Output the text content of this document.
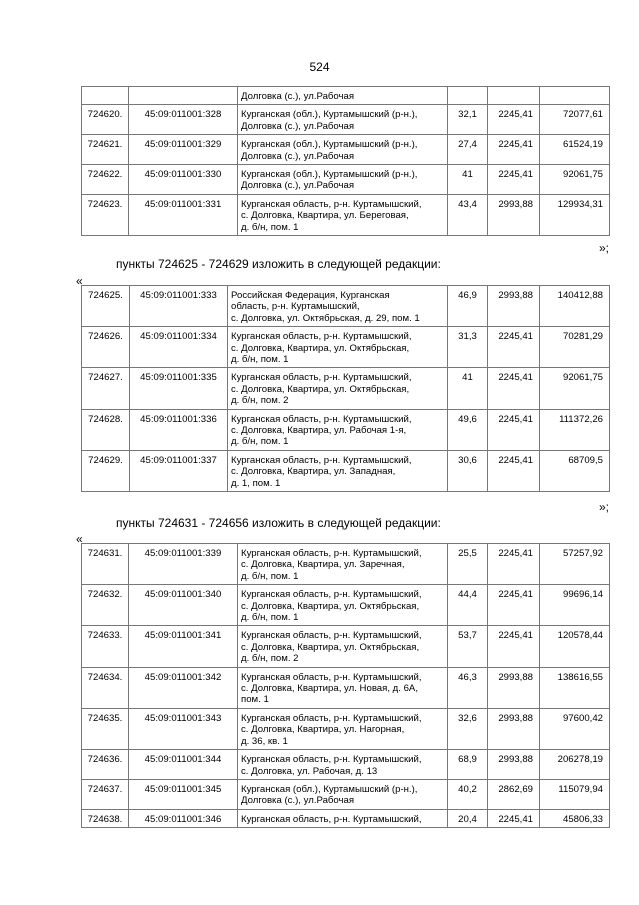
524

		Долговка (с.), ул.Рабочая			

724620.	45:09:011001:328	Курганская (обл.), Куртамышский (р-н.),
Долговка (с.), ул.Рабочая	32,1	2245,41	72077,61
724621.	45:09:011001:329	Курганская (обл.), Куртамышский (р-н.),
Долговка (с.), ул.Рабочая	27,4	2245,41	61524,19
724622.	45:09:011001:330	Курганская (обл.), Куртамышский (р-н.),
Долговка (с.), ул.Рабочая	41	2245,41	92061,75
724623.	45:09:011001:331	Курганская область, р-н. Куртамышский,
с. Долговка, Квартира, ул. Береговая,
д. б/н, пом. 1	43,4	2993,88	129934,31
»;
пункты 724625 - 724629 изложить в следующей редакции:
«
724625.	45:09:011001:333	Российская Федерация, Курганская
область, р-н. Куртамышский,
с. Долговка, ул. Октябрьская, д. 29, пом. 1	46,9	2993,88	140412,88
724626.	45:09:011001:334	Курганская область, р-н. Куртамышский,
с. Долговка, Квартира, ул. Октябрьская,
д. б/н, пом. 1	31,3	2245,41	70281,29
724627.	45:09:011001:335	Курганская область, р-н. Куртамышский,
с. Долговка, Квартира, ул. Октябрьская,
д. б/н, пом. 2	41	2245,41	92061,75
724628.	45:09:011001:336	Курганская область, р-н. Куртамышский,
с. Долговка, Квартира, ул. Рабочая 1-я,
д. б/н, пом. 1	49,6	2245,41	111372,26
724629.	45:09:011001:337	Курганская область, р-н. Куртамышский,
с. Долговка, Квартира, ул. Западная,
д. 1, пом. 1	30,6	2245,41	68709,5
»;
пункты 724631 - 724656 изложить в следующей редакции:
«
724631.	45:09:011001:339	Курганская область, р-н. Куртамышский,
с. Долговка, Квартира, ул. Заречная,
д. б/н, пом. 1	25,5	2245,41	57257,92
724632.	45:09:011001:340	Курганская область, р-н. Куртамышский,
с. Долговка, Квартира, ул. Октябрьская,
д. б/н, пом. 1	44,4	2245,41	99696,14
724633.	45:09:011001:341	Курганская область, р-н. Куртамышский,
с. Долговка, Квартира, ул. Октябрьская,
д. б/н, пом. 2	53,7	2245,41	120578,44
724634.	45:09:011001:342	Курганская область, р-н. Куртамышский,
с. Долговка, Квартира, ул. Новая, д. 6А,
пом. 1	46,3	2993,88	138616,55
724635.	45:09:011001:343	Курганская область, р-н. Куртамышский,
с. Долговка, Квартира, ул. Нагорная,
д. 36, кв. 1	32,6	2993,88	97600,42
724636.	45:09:011001:344	Курганская область, р-н. Куртамышский,
с. Долговка, ул. Рабочая, д. 13	68,9	2993,88	206278,19
724637.	45:09:011001:345	Курганская (обл.), Куртамышский (р-н.),
Долговка (с.), ул.Рабочая	40,2	2862,69	115079,94
724638.	45:09:011001:346	Курганская область, р-н. Куртамышский,	20,4	2245,41	45806,33
